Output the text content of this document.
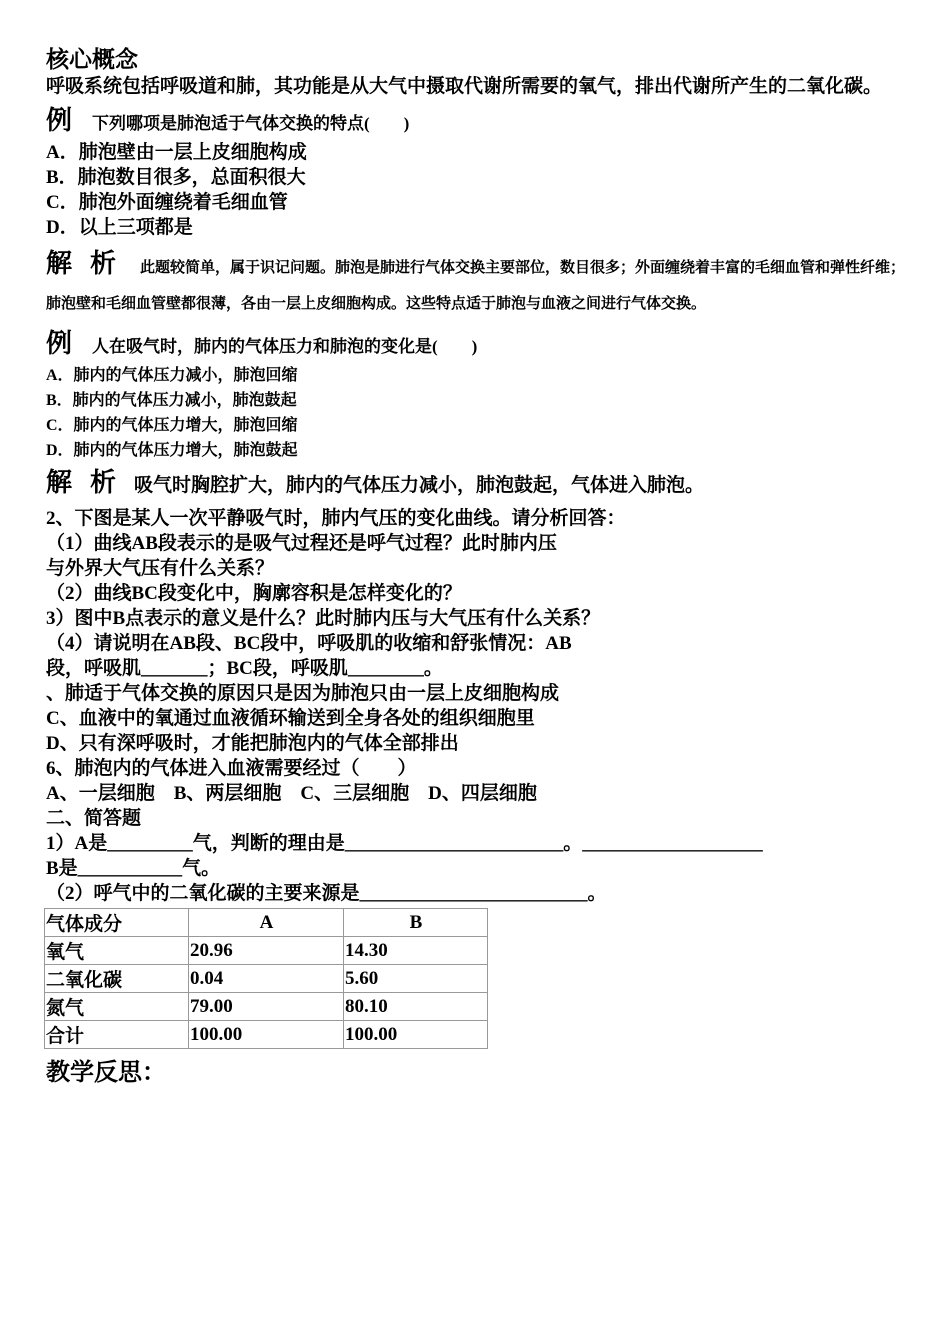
核心概念
呼吸系统包括呼吸道和肺，其功能是从大气中摄取代谢所需要的氧气，排出代谢所产生的二氧化碳。
例 下列哪项是肺泡适于气体交换的特点(　　)
A．肺泡壁由一层上皮细胞构成
B．肺泡数目很多，总面积很大
C．肺泡外面缠绕着毛细血管
D．以上三项都是
解析 此题较简单，属于识记问题。肺泡是肺进行气体交换主要部位，数目很多；外面缠绕着丰富的毛细血管和弹性纤维；肺泡壁和毛细血管壁都很薄，各由一层上皮细胞构成。这些特点适于肺泡与血液之间进行气体交换。
例 人在吸气时，肺内的气体压力和肺泡的变化是(　　)
A．肺内的气体压力减小，肺泡回缩
B．肺内的气体压力减小，肺泡鼓起
C．肺内的气体压力增大，肺泡回缩
D．肺内的气体压力增大，肺泡鼓起
解析吸气时胸腔扩大，肺内的气体压力减小，肺泡鼓起，气体进入肺泡。
2、下图是某人一次平静吸气时，肺内气压的变化曲线。请分析回答：
（1）曲线AB段表示的是吸气过程还是呼气过程？此时肺内压
与外界大气压有什么关系？
（2）曲线BC段变化中，胸廓容积是怎样变化的？
3）图中B点表示的意义是什么？此时肺内压与大气压有什么关系？
（4）请说明在AB段、BC段中，呼吸肌的收缩和舒张情况：AB
段，呼吸肌_______；BC段，呼吸肌________。
、肺适于气体交换的原因只是因为肺泡只由一层上皮细胞构成
C、血液中的氧通过血液循环输送到全身各处的组织细胞里
D、只有深呼吸时，才能把肺泡内的气体全部排出
6、肺泡内的气体进入血液需要经过（　　）
A、一层细胞　B、两层细胞　C、三层细胞　D、四层细胞
二、简答题
1）A是_________气，判断的理由是_______________________。___________________
B是___________气。
（2）呼气中的二氧化碳的主要来源是________________________。
气体成分	A	B
氧气	20.96	14.30
二氧化碳	0.04	5.60
氮气	79.00	80.10
合计	100.00	100.00
教学反思：
